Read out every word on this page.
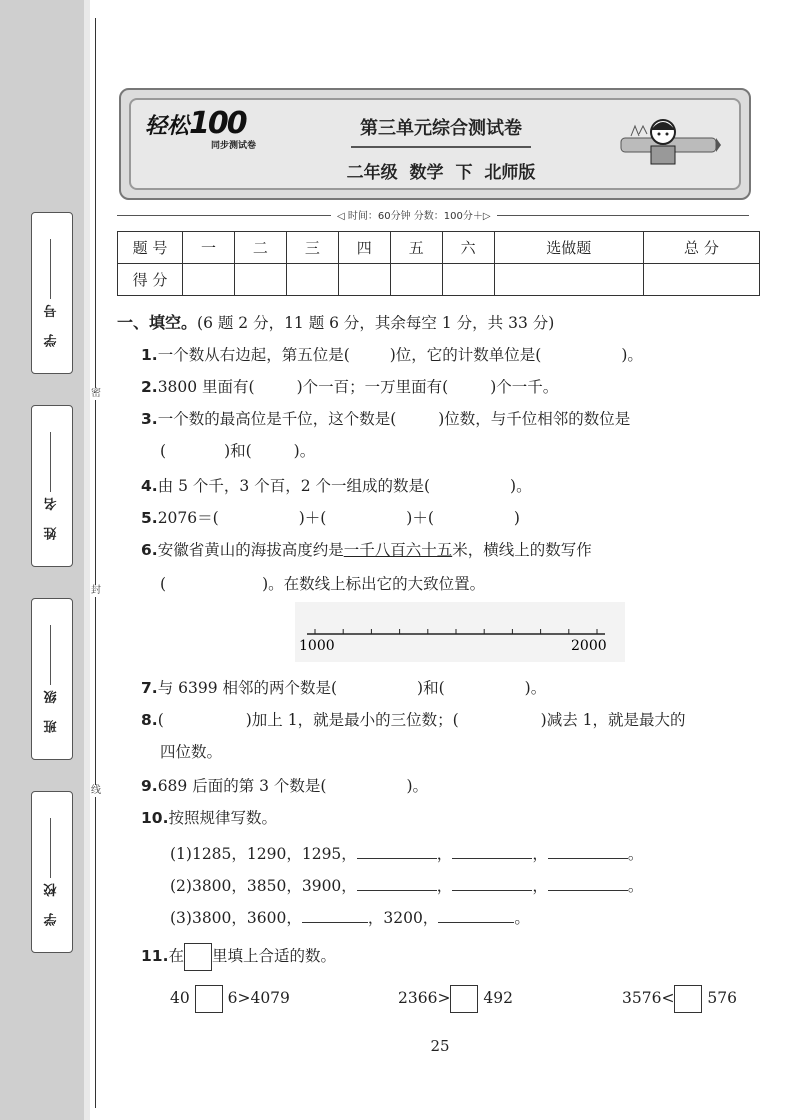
密
封
线
学 号
姓 名
班 级
学 校
轻松100
同步测试卷
第三单元综合测试卷
二年级 数学 下 北师版
◁ 时间：60分钟 分数：100分＋▷
题 号	一	二	三	四	五	六	选做题	总 分
得 分								
一、填空。(6 题 2 分，11 题 6 分，其余每空 1 分，共 33 分)
1.一个数从右边起，第五位是(	)位，它的计数单位是(	)。
2.3800 里面有(	)个一百；一万里面有(	)个一千。
3.一个数的最高位是千位，这个数是(	)位数，与千位相邻的数位是
(	)和(	)。
4.由 5 个千，3 个百，2 个一组成的数是(	)。
5.2076＝(	)＋(	)＋(	)
6.安徽省黄山的海拔高度约是一千八百六十五米，横线上的数写作
(	)。在数线上标出它的大致位置。
1000	2000
7.与 6399 相邻的两个数是(	)和(	)。
8.(	)加上 1，就是最小的三位数；(	)减去 1，就是最大的
四位数。
9.689 后面的第 3 个数是(	)。
10.按照规律写数。
(1)1285，1290，1295，	，	，	。
(2)3800，3850，3900，	，	，	。
(3)3800，3600，	，3200，	。
11.在 里填上合适的数。
40 6>4079	2366> 492	3576< 576
25
